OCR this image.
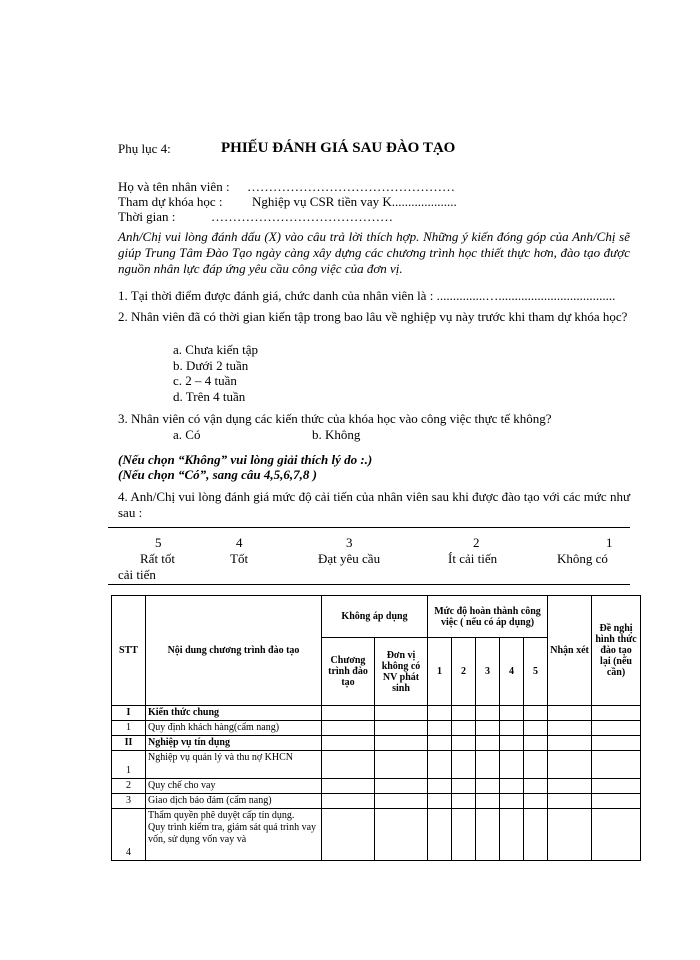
Phụ lục 4:	PHIẾU ĐÁNH GIÁ SAU ĐÀO TẠO
Họ và tên nhân viên : …………………………………………
Tham dự khóa học : Nghiệp vụ CSR tiền vay K....................
Thời gian :	……………………………………
Anh/Chị vui lòng đánh dấu (X) vào câu trả lời thích hợp. Những ý kiến đóng góp của Anh/Chị sẽ giúp Trung Tâm Đào Tạo ngày càng xây dựng các chương trình học thiết thực hơn, đào tạo được nguồn nhân lực đáp ứng yêu cầu công việc của đơn vị.
1. Tại thời điểm được đánh giá, chức danh của nhân viên là : ...............…....................................
2. Nhân viên đã có thời gian kiến tập trong bao lâu về nghiệp vụ này trước khi tham dự khóa học?
a. Chưa kiến tập
b. Dưới 2 tuần
c. 2 – 4 tuần
d. Trên 4 tuần
3. Nhân viên có vận dụng các kiến thức của khóa học vào công việc thực tế không?
a. Có	b. Không
(Nếu chọn “Không” vui lòng giải thích lý do :.)
(Nếu chọn “Có”, sang câu 4,5,6,7,8 )
4. Anh/Chị vui lòng đánh giá mức độ cải tiến của nhân viên sau khi được đào tạo với các mức như sau :
5	4	3	2	1
Rất tốt	Tốt	Đạt yêu cầu	Ít cải tiến	Không có
cải tiến
STT	Nội dung chương trình đào tạo	Không áp dụng		Mức độ hoàn thành công việc ( nếu có áp dụng)					Nhận xét	Đề nghị hình thức đào tạo lại (nếu cần)
		Chương trình đào tạo	Đơn vị không có NV phát sinh	1	2	3	4	5		
I	Kiến thức chung									
1	Quy định khách hàng(cẩm nang)									
II	Nghiệp vụ tín dụng									
1	Nghiệp vụ quản lý và thu nợ KHCN									
2	Quy chế cho vay									
3	Giao dịch bảo đảm (cẩm nang)									
4	Thẩm quyền phê duyệt cấp tín dụng.
Quy trình kiểm tra, giám sát quá trình vay vốn, sử dụng vốn vay và									
